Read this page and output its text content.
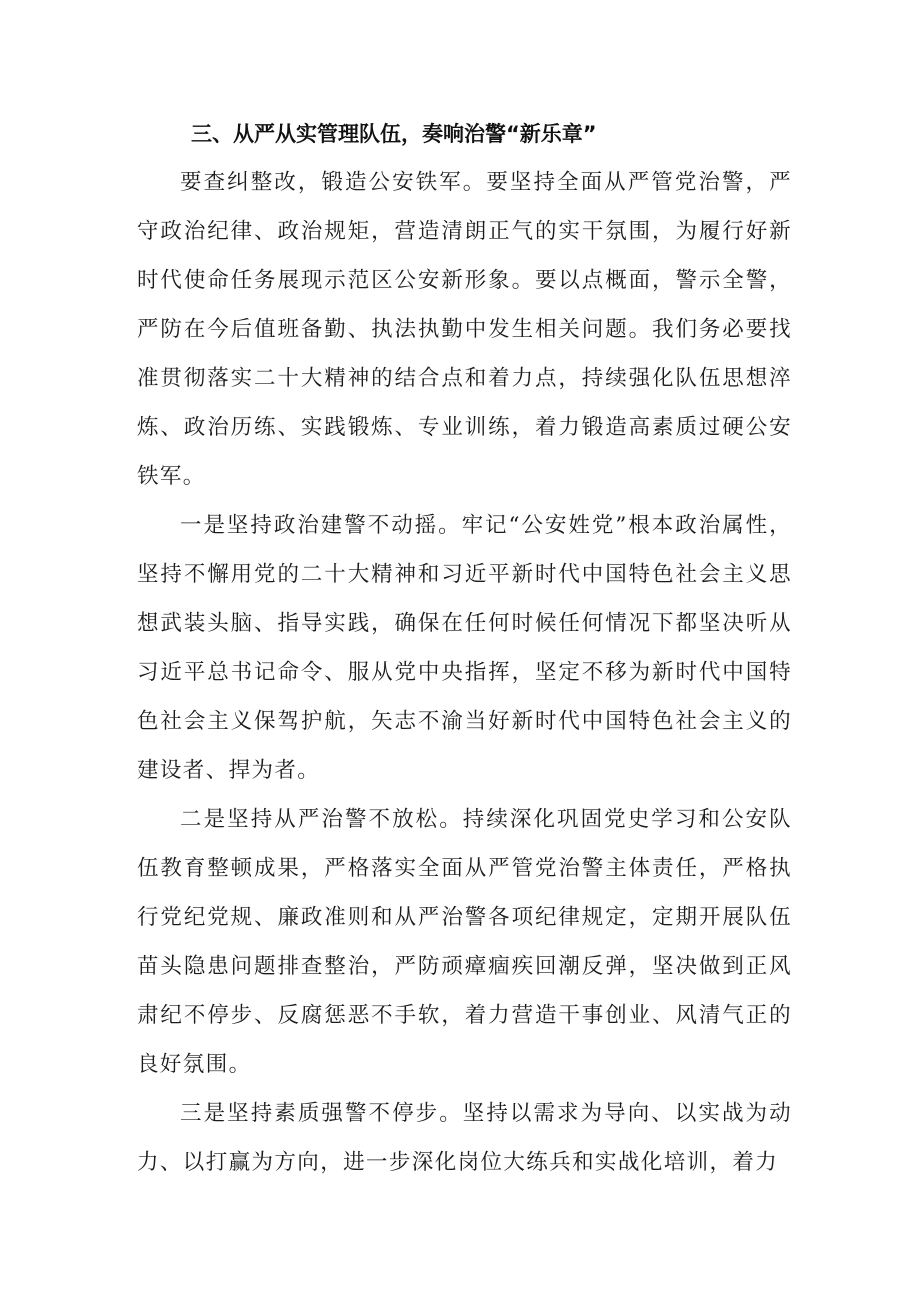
三、从严从实管理队伍，奏响治警“新乐章”

要查纠整改，锻造公安铁军。要坚持全面从严管党治警，严守政治纪律、政治规矩，营造清朗正气的实干氛围，为履行好新时代使命任务展现示范区公安新形象。要以点概面，警示全警，严防在今后值班备勤、执法执勤中发生相关问题。我们务必要找准贯彻落实二十大精神的结合点和着力点，持续强化队伍思想淬炼、政治历练、实践锻炼、专业训练，着力锻造高素质过硬公安铁军。

一是坚持政治建警不动摇。牢记“公安姓党”根本政治属性，坚持不懈用党的二十大精神和习近平新时代中国特色社会主义思想武装头脑、指导实践，确保在任何时候任何情况下都坚决听从习近平总书记命令、服从党中央指挥，坚定不移为新时代中国特色社会主义保驾护航，矢志不渝当好新时代中国特色社会主义的建设者、捍为者。

二是坚持从严治警不放松。持续深化巩固党史学习和公安队伍教育整顿成果，严格落实全面从严管党治警主体责任，严格执行党纪党规、廉政准则和从严治警各项纪律规定，定期开展队伍苗头隐患问题排查整治，严防顽瘴痼疾回潮反弹，坚决做到正风肃纪不停步、反腐惩恶不手软，着力营造干事创业、风清气正的良好氛围。

三是坚持素质强警不停步。坚持以需求为导向、以实战为动力、以打赢为方向，进一步深化岗位大练兵和实战化培训，着力
